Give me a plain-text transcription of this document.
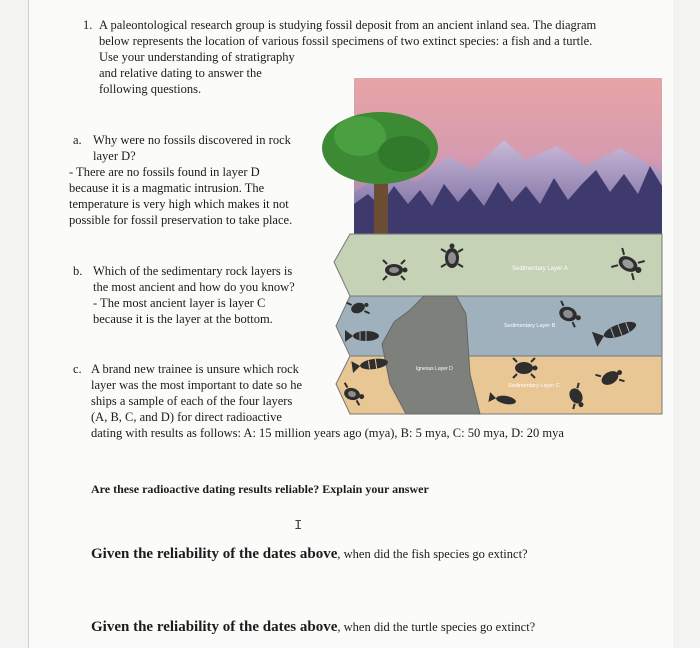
1. A paleontological research group is studying fossil deposit from an ancient inland sea. The diagram
below represents the location of various fossil specimens of two extinct species: a fish and a turtle.
Use your understanding of stratigraphy
and relative dating to answer the
following questions.
a. Why were no fossils discovered in rock
layer D?
- There are no fossils found in layer D
because it is a magmatic intrusion. The
temperature is very high which makes it not
possible for fossil preservation to take place.
b. Which of the sedimentary rock layers is
the most ancient and how do you know?
- The most ancient layer is layer C
because it is the layer at the bottom.
c. A brand new trainee is unsure which rock
layer was the most important to date so he
ships a sample of each of the four layers
(A, B, C, and D) for direct radioactive
dating with results as follows: A: 15 million years ago (mya), B: 5 mya, C: 50 mya, D: 20 mya
Are these radioactive dating results reliable? Explain your answer
I
Given the reliability of the dates above, when did the fish species go extinct?
Given the reliability of the dates above, when did the turtle species go extinct?
Sedimentary Layer A
Sedimentary Layer B
Sedimentary Layer C
Igneous Layer D
